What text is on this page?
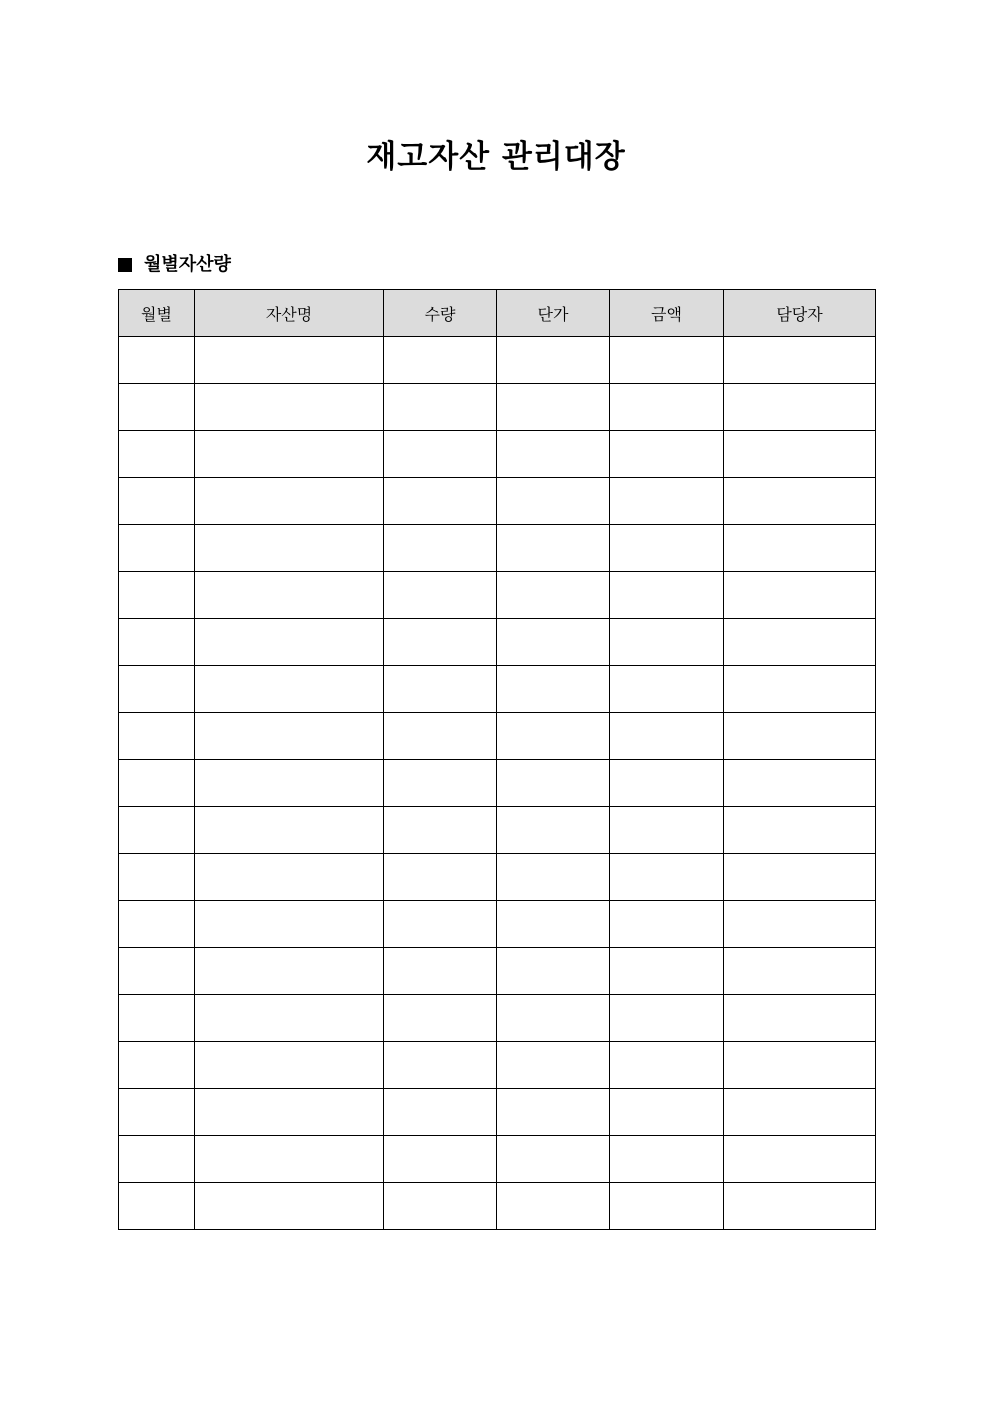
재고자산 관리대장
월별자산량
월별	자산명	수량	단가	금액	담당자
